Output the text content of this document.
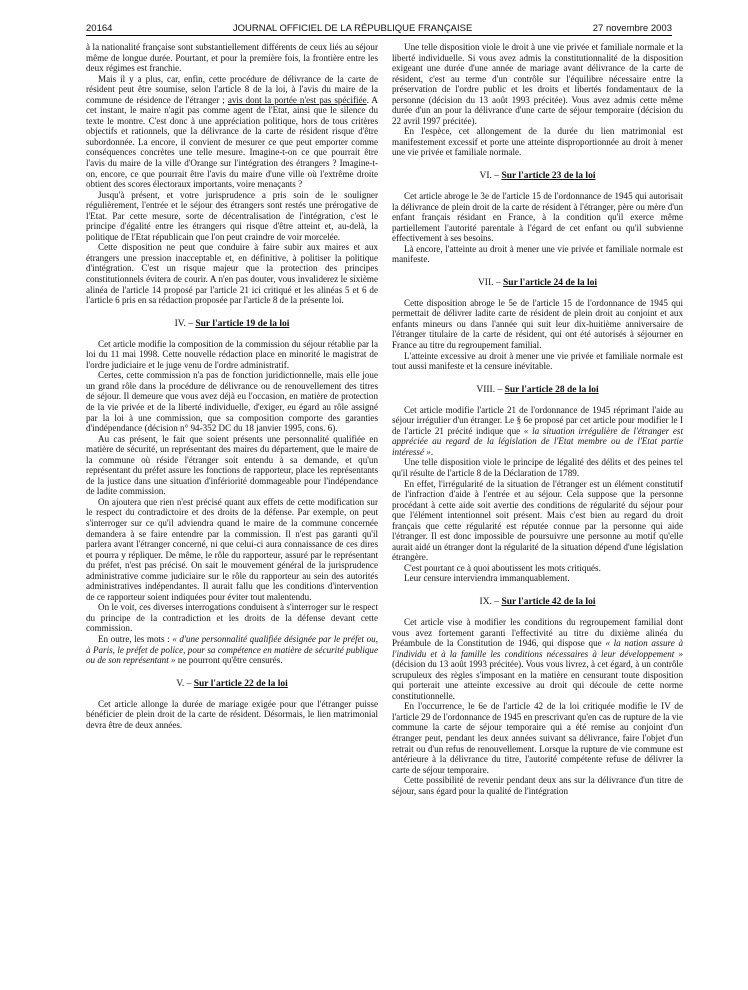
20164	JOURNAL OFFICIEL DE LA RÉPUBLIQUE FRANÇAISE	27 novembre 2003

à la nationalité française sont substantiellement différents de ceux liés au séjour même de longue durée. Pourtant, et pour la première fois, la frontière entre les deux régimes est franchie.

Mais il y a plus, car, enfin, cette procédure de délivrance de la carte de résident peut être soumise, selon l'article 8 de la loi, à l'avis du maire de la commune de résidence de l'étranger ; avis dont la portée n'est pas spécifiée. A cet instant, le maire n'agit pas comme agent de l'Etat, ainsi que le silence du texte le montre. C'est donc à une appréciation politique, hors de tous critères objectifs et rationnels, que la délivrance de la carte de résident risque d'être subordonnée. La encore, il convient de mesurer ce que peut emporter comme conséquences concrètes une telle mesure. Imagine-t-on ce que pourrait être l'avis du maire de la ville d'Orange sur l'intégration des étrangers ? Imagine-t-on, encore, ce que pourrait être l'avis du maire d'une ville où l'extrême droite obtient des scores électoraux importants, voire menaçants ?

Jusqu'à présent, et votre jurisprudence a pris soin de le souligner régulièrement, l'entrée et le séjour des étrangers sont restés une prérogative de l'Etat. Par cette mesure, sorte de décentralisation de l'intégration, c'est le principe d'égalité entre les étrangers qui risque d'être atteint et, au-delà, la politique de l'Etat républicain que l'on peut craindre de voir morcelée.

Cette disposition ne peut que conduire à faire subir aux maires et aux étrangers une pression inacceptable et, en définitive, à politiser la politique d'intégration. C'est un risque majeur que la protection des principes constitutionnels évitera de courir. A n'en pas douter, vous invaliderez le sixième alinéa de l'article 14 proposé par l'article 21 ici critiqué et les alinéas 5 et 6 de l'article 6 pris en sa rédaction proposée par l'article 8 de la présente loi.

IV. – Sur l'article 19 de la loi

Cet article modifie la composition de la commission du séjour rétablie par la loi du 11 mai 1998. Cette nouvelle rédaction place en minorité le magistrat de l'ordre judiciaire et le juge venu de l'ordre administratif.

Certes, cette commission n'a pas de fonction juridictionnelle, mais elle joue un grand rôle dans la procédure de délivrance ou de renouvellement des titres de séjour. Il demeure que vous avez déjà eu l'occasion, en matière de protection de la vie privée et de la liberté individuelle, d'exiger, eu égard au rôle assigné par la loi à une commission, que sa composition comporte des garanties d'indépendance (décision n° 94-352 DC du 18 janvier 1995, cons. 6).

Au cas présent, le fait que soient présents une personnalité qualifiée en matière de sécurité, un représentant des maires du département, que le maire de la commune où réside l'étranger soit entendu à sa demande, et qu'un représentant du préfet assure les fonctions de rapporteur, place les représentants de la justice dans une situation d'infériorité dommageable pour l'indépendance de ladite commission.

On ajoutera que rien n'est précisé quant aux effets de cette modification sur le respect du contradictoire et des droits de la défense. Par exemple, on peut s'interroger sur ce qu'il adviendra quand le maire de la commune concernée demandera à se faire entendre par la commission. Il n'est pas garanti qu'il parlera avant l'étranger concerné, ni que celui-ci aura connaissance de ces dires et pourra y répliquer. De même, le rôle du rapporteur, assuré par le représentant du préfet, n'est pas précisé. On sait le mouvement général de la jurisprudence administrative comme judiciaire sur le rôle du rapporteur au sein des autorités administratives indépendantes. Il aurait fallu que les conditions d'intervention de ce rapporteur soient indiquées pour éviter tout malentendu.

On le voit, ces diverses interrogations conduisent à s'interroger sur le respect du principe de la contradiction et les droits de la défense devant cette commission.

En outre, les mots : « d'une personnalité qualifiée désignée par le préfet ou, à Paris, le préfet de police, pour sa compétence en matière de sécurité publique ou de son représentant » ne pourront qu'être censurés.

V. – Sur l'article 22 de la loi

Cet article allonge la durée de mariage exigée pour que l'étranger puisse bénéficier de plein droit de la carte de résident. Désormais, le lien matrimonial devra être de deux années.

Une telle disposition viole le droit à une vie privée et familiale normale et la liberté individuelle. Si vous avez admis la constitutionnalité de la disposition exigeant une durée d'une année de mariage avant délivrance de la carte de résident, c'est au terme d'un contrôle sur l'équilibre nécessaire entre la préservation de l'ordre public et les droits et libertés fondamentaux de la personne (décision du 13 août 1993 précitée). Vous avez admis cette même durée d'un an pour la délivrance d'une carte de séjour temporaire (décision du 22 avril 1997 précitée).

En l'espèce, cet allongement de la durée du lien matrimonial est manifestement excessif et porte une atteinte disproportionnée au droit à mener une vie privée et familiale normale.

VI. – Sur l'article 23 de la loi

Cet article abroge le 3e de l'article 15 de l'ordonnance de 1945 qui autorisait la délivrance de plein droit de la carte de résident à l'étranger, père ou mère d'un enfant français résidant en France, à la condition qu'il exerce même partiellement l'autorité parentale à l'égard de cet enfant ou qu'il subvienne effectivement à ses besoins.

Là encore, l'atteinte au droit à mener une vie privée et familiale normale est manifeste.

VII. – Sur l'article 24 de la loi

Cette disposition abroge le 5e de l'article 15 de l'ordonnance de 1945 qui permettait de délivrer ladite carte de résident de plein droit au conjoint et aux enfants mineurs ou dans l'année qui suit leur dix-huitième anniversaire de l'étranger titulaire de la carte de résident, qui ont été autorisés à séjourner en France au titre du regroupement familial.

L'atteinte excessive au droit à mener une vie privée et familiale normale est tout aussi manifeste et la censure inévitable.

VIII. – Sur l'article 28 de la loi

Cet article modifie l'article 21 de l'ordonnance de 1945 réprimant l'aide au séjour irrégulier d'un étranger. Le § 6e proposé par cet article pour modifier le I de l'article 21 précité indique que « la situation irrégulière de l'étranger est appréciée au regard de la législation de l'Etat membre ou de l'Etat partie intéressé ».

Une telle disposition viole le principe de légalité des délits et des peines tel qu'il résulte de l'article 8 de la Déclaration de 1789.

En effet, l'irrégularité de la situation de l'étranger est un élément constitutif de l'infraction d'aide à l'entrée et au séjour. Cela suppose que la personne procédant à cette aide soit avertie des conditions de régularité du séjour pour que l'élément intentionnel soit présent. Mais c'est bien au regard du droit français que cette régularité est réputée connue par la personne qui aide l'étranger. Il est donc impossible de poursuivre une personne au motif qu'elle aurait aidé un étranger dont la régularité de la situation dépend d'une législation étrangère.

C'est pourtant ce à quoi aboutissent les mots critiqués.

Leur censure interviendra immanquablement.

IX. – Sur l'article 42 de la loi

Cet article vise à modifier les conditions du regroupement familial dont vous avez fortement garanti l'effectivité au titre du dixième alinéa du Préambule de la Constitution de 1946, qui dispose que « la nation assure à l'individu et à la famille les conditions nécessaires à leur développement » (décision du 13 août 1993 précitée). Vous vous livrez, à cet égard, à un contrôle scrupuleux des règles s'imposant en la matière en censurant toute disposition qui porterait une atteinte excessive au droit qui découle de cette norme constitutionnelle.

En l'occurrence, le 6e de l'article 42 de la loi critiquée modifie le IV de l'article 29 de l'ordonnance de 1945 en prescrivant qu'en cas de rupture de la vie commune la carte de séjour temporaire qui a été remise au conjoint d'un étranger peut, pendant les deux années suivant sa délivrance, faire l'objet d'un retrait ou d'un refus de renouvellement. Lorsque la rupture de vie commune est antérieure à la délivrance du titre, l'autorité compétente refuse de délivrer la carte de séjour temporaire.

Cette possibilité de revenir pendant deux ans sur la délivrance d'un titre de séjour, sans égard pour la qualité de l'intégration
